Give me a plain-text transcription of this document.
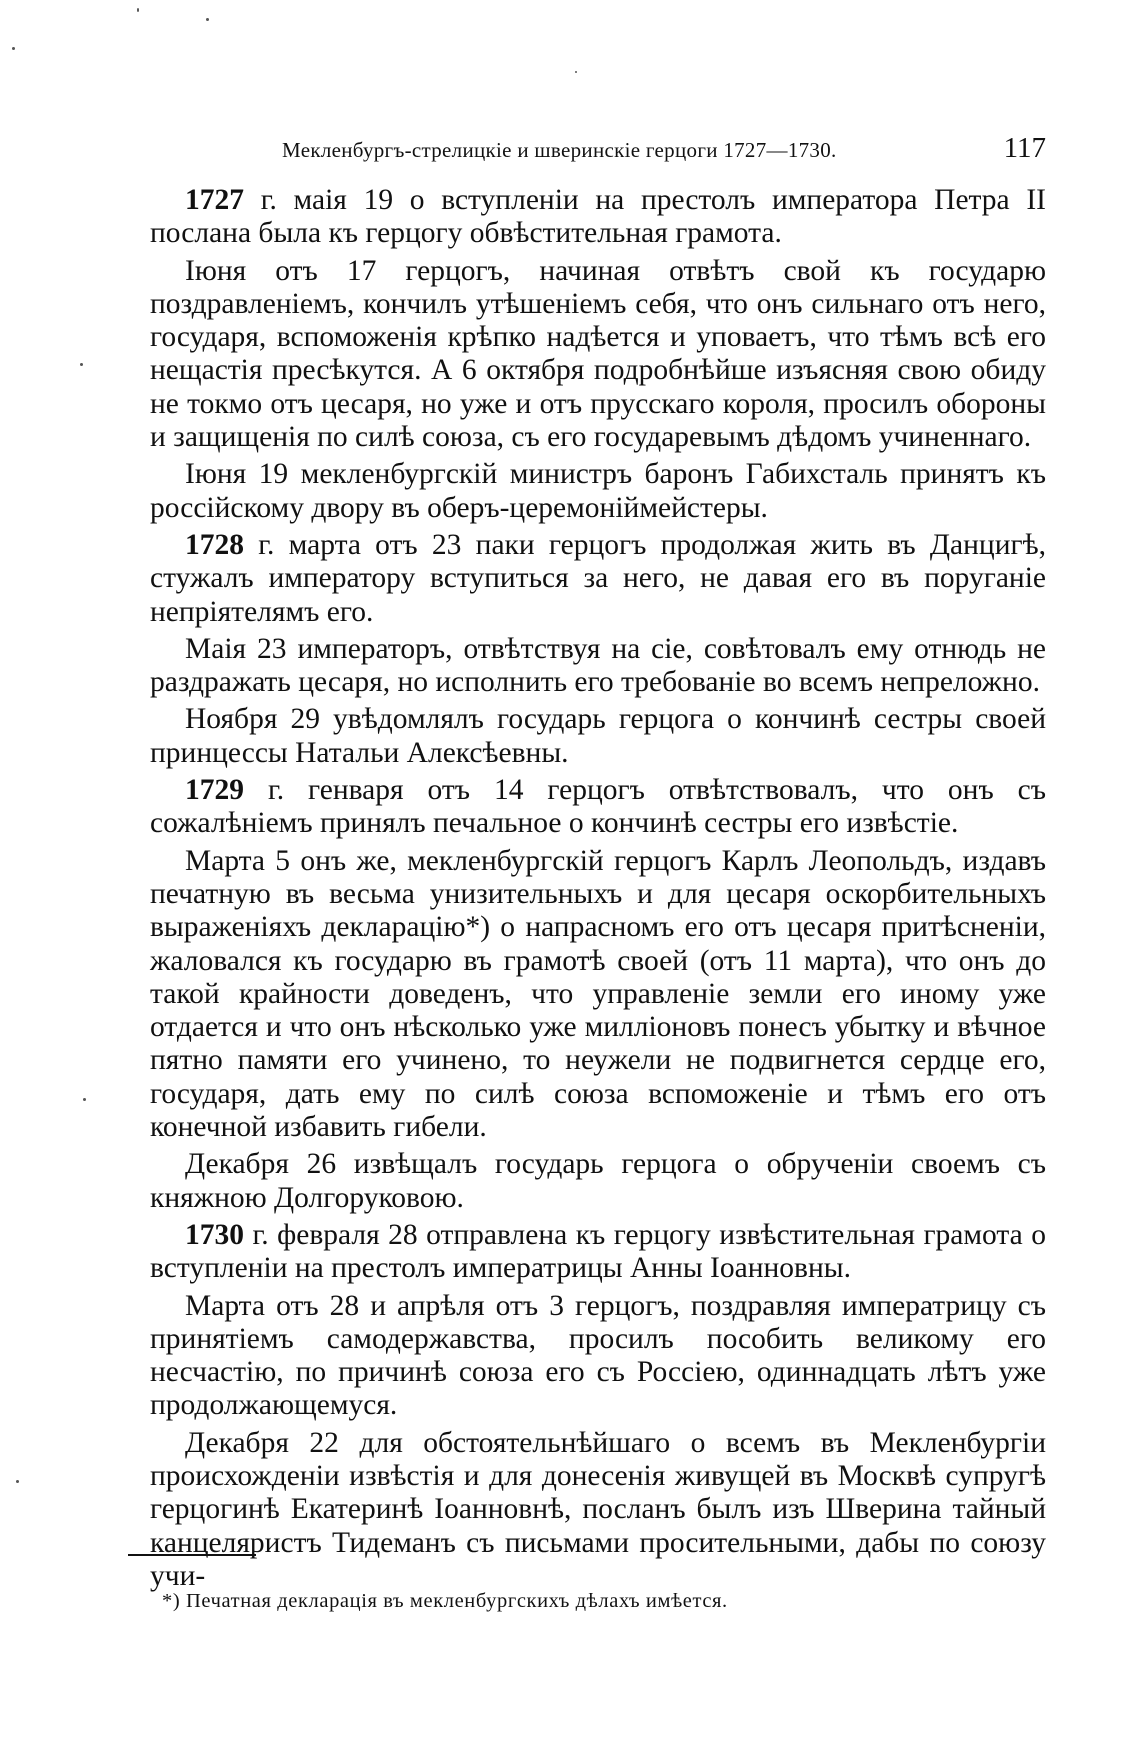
Мекленбургъ-стрелицкіе и шверинскіе герцоги 1727—1730.	117

1727 г. маія 19 о вступленіи на престолъ императора Петра II послана была къ герцогу обвѣстительная грамота.

Іюня отъ 17 герцогъ, начиная отвѣтъ свой къ государю поздравленіемъ, кончилъ утѣшеніемъ себя, что онъ сильнаго отъ него, государя, вспоможенія крѣпко надѣется и уповаетъ, что тѣмъ всѣ его нещастія пресѣкутся. А 6 октября подробнѣйше изъясняя свою обиду не токмо отъ цесаря, но уже и отъ прусскаго короля, просилъ обороны и защищенія по силѣ союза, съ его государевымъ дѣдомъ учиненнаго.

Іюня 19 мекленбургскій министръ баронъ Габихсталь принятъ къ россійскому двору въ оберъ-церемоніймейстеры.

1728 г. марта отъ 23 паки герцогъ продолжая жить въ Данцигѣ, стужалъ императору вступиться за него, не давая его въ поруганіе непріятелямъ его.

Маія 23 императоръ, отвѣтствуя на сіе, совѣтовалъ ему отнюдь не раздражать цесаря, но исполнить его требованіе во всемъ непреложно.

Ноября 29 увѣдомлялъ государь герцога о кончинѣ сестры своей принцессы Натальи Алексѣевны.

1729 г. генваря отъ 14 герцогъ отвѣтствовалъ, что онъ съ сожалѣніемъ принялъ печальное о кончинѣ сестры его извѣстіе.

Марта 5 онъ же, мекленбургскій герцогъ Карлъ Леопольдъ, издавъ печатную въ весьма унизительныхъ и для цесаря оскорбительныхъ выраженіяхъ декларацію*) о напрасномъ его отъ цесаря притѣсненіи, жаловался къ государю въ грамотѣ своей (отъ 11 марта), что онъ до такой крайности доведенъ, что управленіе земли его иному уже отдается и что онъ нѣсколько уже милліоновъ понесъ убытку и вѣчное пятно памяти его учинено, то неужели не подвигнется сердце его, государя, дать ему по силѣ союза вспоможеніе и тѣмъ его отъ конечной избавить гибели.

Декабря 26 извѣщалъ государь герцога о обрученіи своемъ съ княжною Долгоруковою.

1730 г. февраля 28 отправлена къ герцогу извѣстительная грамота о вступленіи на престолъ императрицы Анны Іоанновны.

Марта отъ 28 и апрѣля отъ 3 герцогъ, поздравляя императрицу съ принятіемъ самодержавства, просилъ пособить великому его несчастію, по причинѣ союза его съ Россіею, одиннадцать лѣтъ уже продолжающемуся.

Декабря 22 для обстоятельнѣйшаго о всемъ въ Мекленбургіи происхожденіи извѣстія и для донесенія живущей въ Москвѣ супругѣ герцогинѣ Екатеринѣ Іоанновнѣ, посланъ былъ изъ Шверина тайный канцеляристъ Тидеманъ съ письмами просительными, дабы по союзу учи-

*) Печатная декларація въ мекленбургскихъ дѣлахъ имѣется.
